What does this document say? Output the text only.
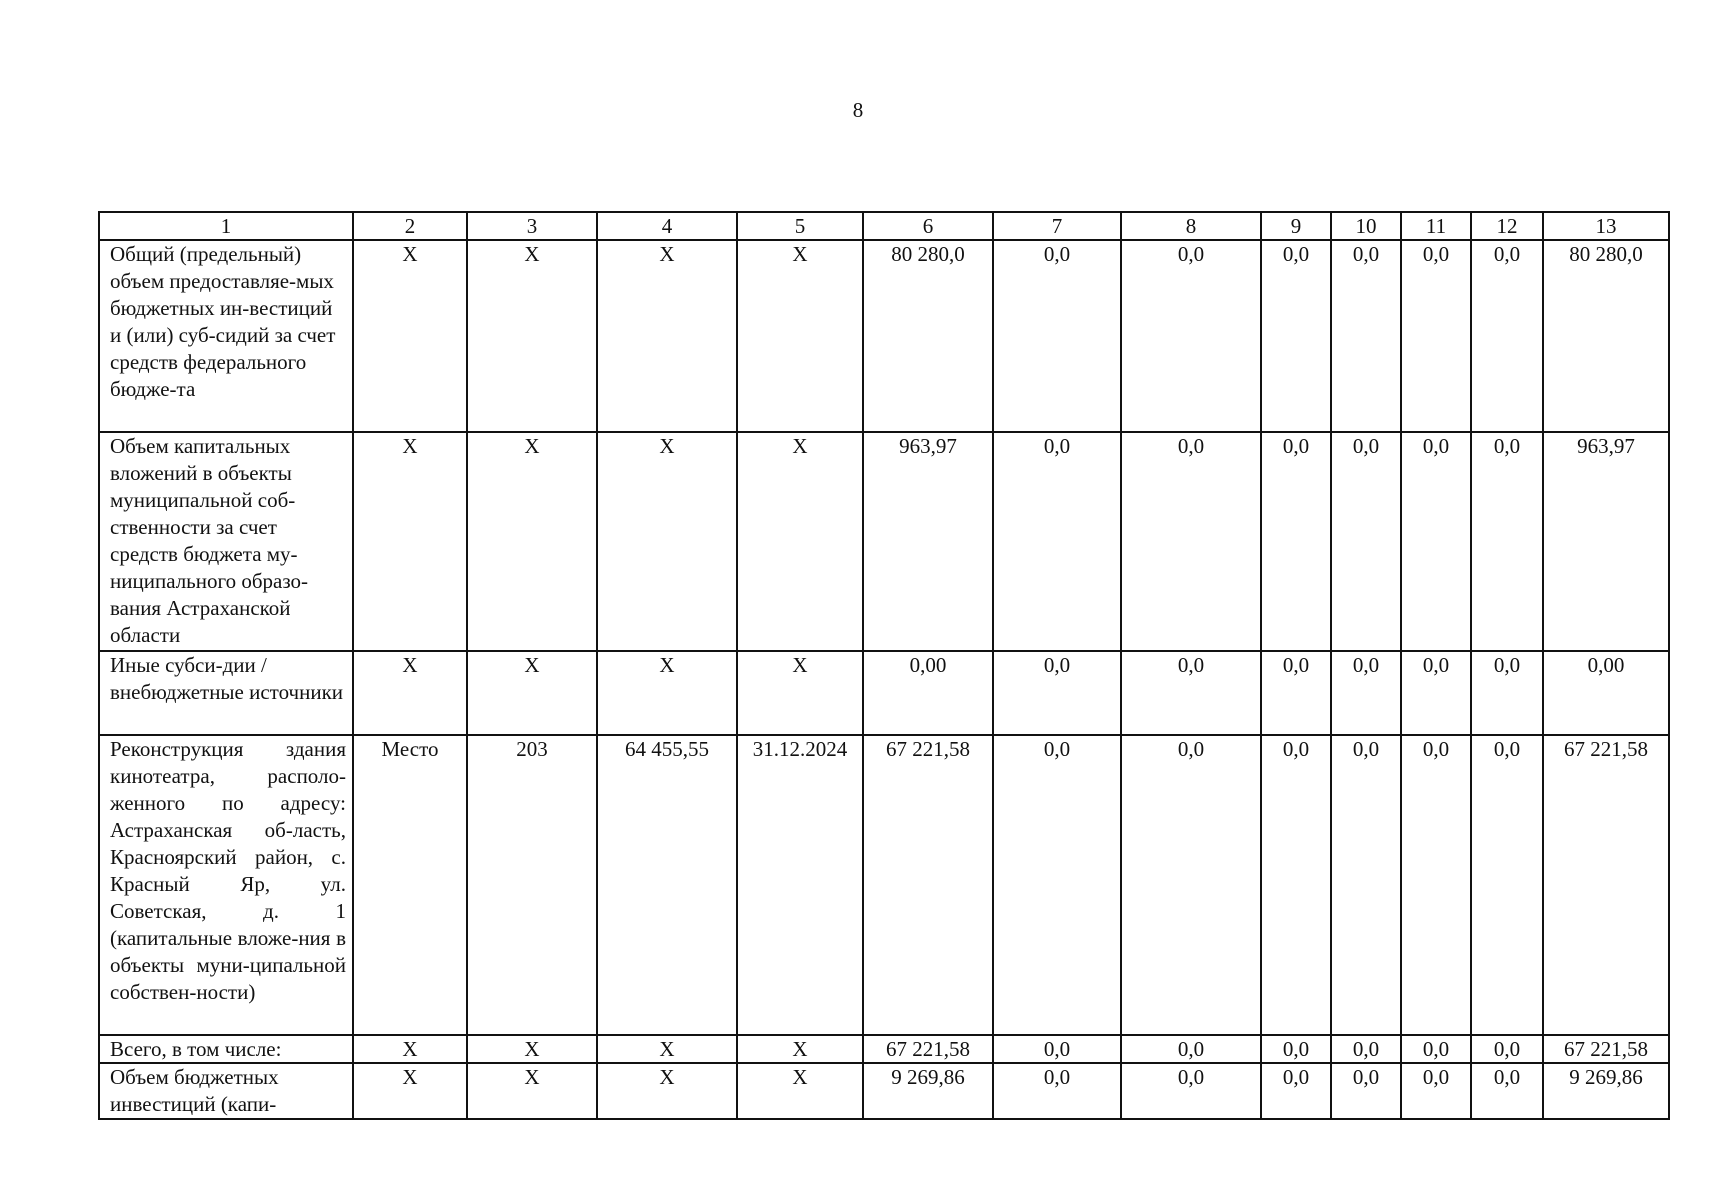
8
1	2	3	4	5	6	7	8	9	10	11	12	13
Общий (предельный) объем предоставляе-мых бюджетных ин-вестиций и (или) суб-сидий за счет средств федерального бюдже-та	Х	Х	Х	Х	80 280,0	0,0	0,0	0,0	0,0	0,0	0,0	80 280,0
Объем капитальных вложений в объекты муниципальной соб-ственности за счет средств бюджета му-ниципального образо-вания Астраханской области	Х	Х	Х	Х	963,97	0,0	0,0	0,0	0,0	0,0	0,0	963,97
Иные субси-дии / внебюджетные источники	Х	Х	Х	Х	0,00	0,0	0,0	0,0	0,0	0,0	0,0	0,00
Реконструкция здания кинотеатра, располо-женного по адресу: Астраханская об-ласть, Красноярский район, с. Красный Яр, ул. Советская, д. 1 (капитальные вложе-ния в объекты муни-ципальной собствен-ности)	Место	203	64 455,55	31.12.2024	67 221,58	0,0	0,0	0,0	0,0	0,0	0,0	67 221,58
Всего, в том числе:	Х	Х	Х	Х	67 221,58	0,0	0,0	0,0	0,0	0,0	0,0	67 221,58
Объем бюджетных инвестиций (капи-	Х	Х	Х	Х	9 269,86	0,0	0,0	0,0	0,0	0,0	0,0	9 269,86
